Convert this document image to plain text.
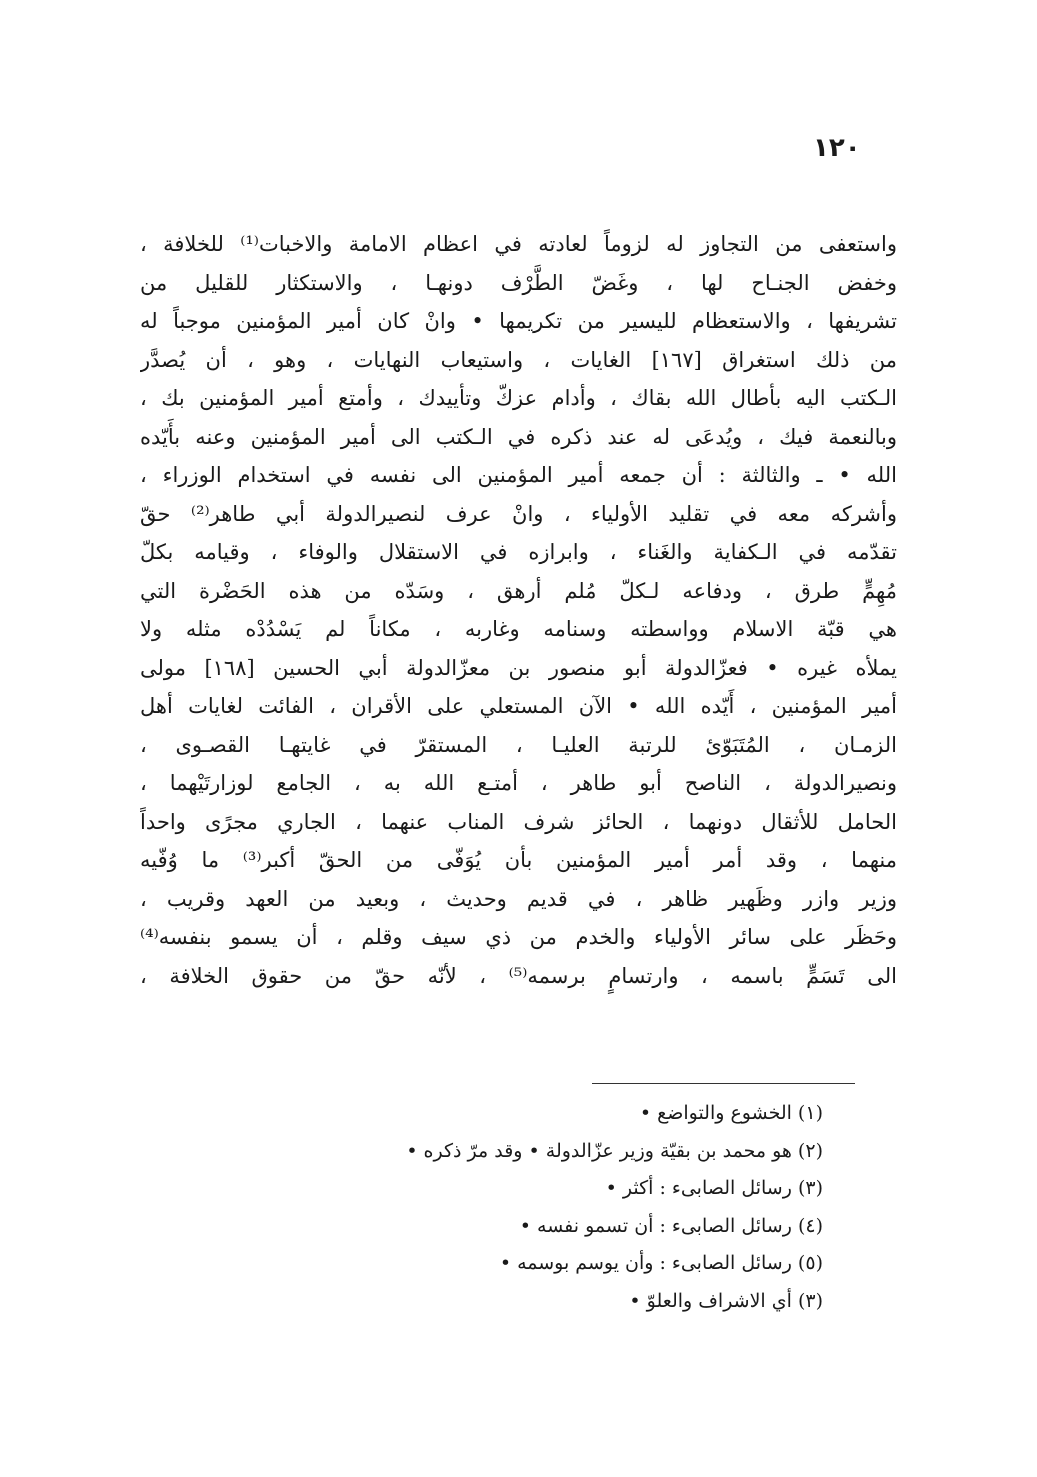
١٢٠
واستعفى من التجاوز له لزوماً لعادته في اعظام الامامة والاخبات⁽¹⁾ للخلافة ،
وخفض الجنـاح لها ، وغَضّ الطَّرْف دونهـا ، والاستكثار للقليل من
تشريفها ، والاستعظام لليسير من تكريمها • وانْ كان أمير المؤمنين موجباً له
من ذلك استغراق [١٦٧] الغايات ، واستيعاب النهايات ، وهو ، أن يُصدَّر
الـكتب اليه بأطال الله بقاك ، وأدام عزكّ وتأييدك ، وأمتع أمير المؤمنين بك ،
وبالنعمة فيك ، ويُدعَى له عند ذكره في الـكتب الى أمير المؤمنين وعنه بأَيّده
الله • ـ والثالثة : أن جمعه أمير المؤمنين الى نفسه في استخدام الوزراء ،
وأشركه معه في تقليد الأولياء ، وانْ عرف لنصيرالدولة أبي طاهر⁽²⁾ حقّ
تقدّمه في الـكفاية والغَناء ، وابرازه في الاستقلال والوفاء ، وقيامه بكلّ
مُهِمٍّ طرق ، ودفاعه لـكلّ مُلم أرهق ، وسَدّه من هذه الحَضْرة التي
هي قبّة الاسلام وواسطته وسنامه وغاربه ، مكاناً لم يَسْدُدْه مثله ولا
يملأه غيره • فعزّالدولة أبو منصور بن معزّالدولة أبي الحسين [١٦٨] مولى
أمير المؤمنين ، أَيّده الله • الآن المستعلي على الأقران ، الفائت لغايات أهل
الزمـان ، المُتَبَوّئ للرتبة العليـا ، المستقرّ في غايتهـا القصـوى ،
ونصيرالدولة ، الناصح أبو طاهر ، أمتـع الله به ، الجامع لوزارتَيْهما ،
الحامل للأثقال دونهما ، الحائز شرف المناب عنهما ، الجاري مجرًى واحداً
منهما ، وقد أمر أمير المؤمنين بأن يُوَفّى من الحقّ أكبر⁽³⁾ ما وُفّيه
وزير وازر وظَهير ظاهر ، في قديم وحديث ، وبعيد من العهد وقريب ،
وحَظَر على سائر الأولياء والخدم من ذي سيف وقلم ، أن يسمو بنفسه⁽⁴⁾
الى تَسَمٍّ باسمه ، وارتسامٍ برسمه⁽⁵⁾ ، لأنّه حقّ من حقوق الخلافة ،
(١) الخشوع والتواضع •
(٢) هو محمد بن بقيّة وزير عزّالدولة • وقد مرّ ذكره •
(٣) رسائل الصابىء : أكثر •
(٤) رسائل الصابىء : أن تسمو نفسه •
(٥) رسائل الصابىء : وأن يوسم بوسمه •
(٣) أي الاشراف والعلوّ •
